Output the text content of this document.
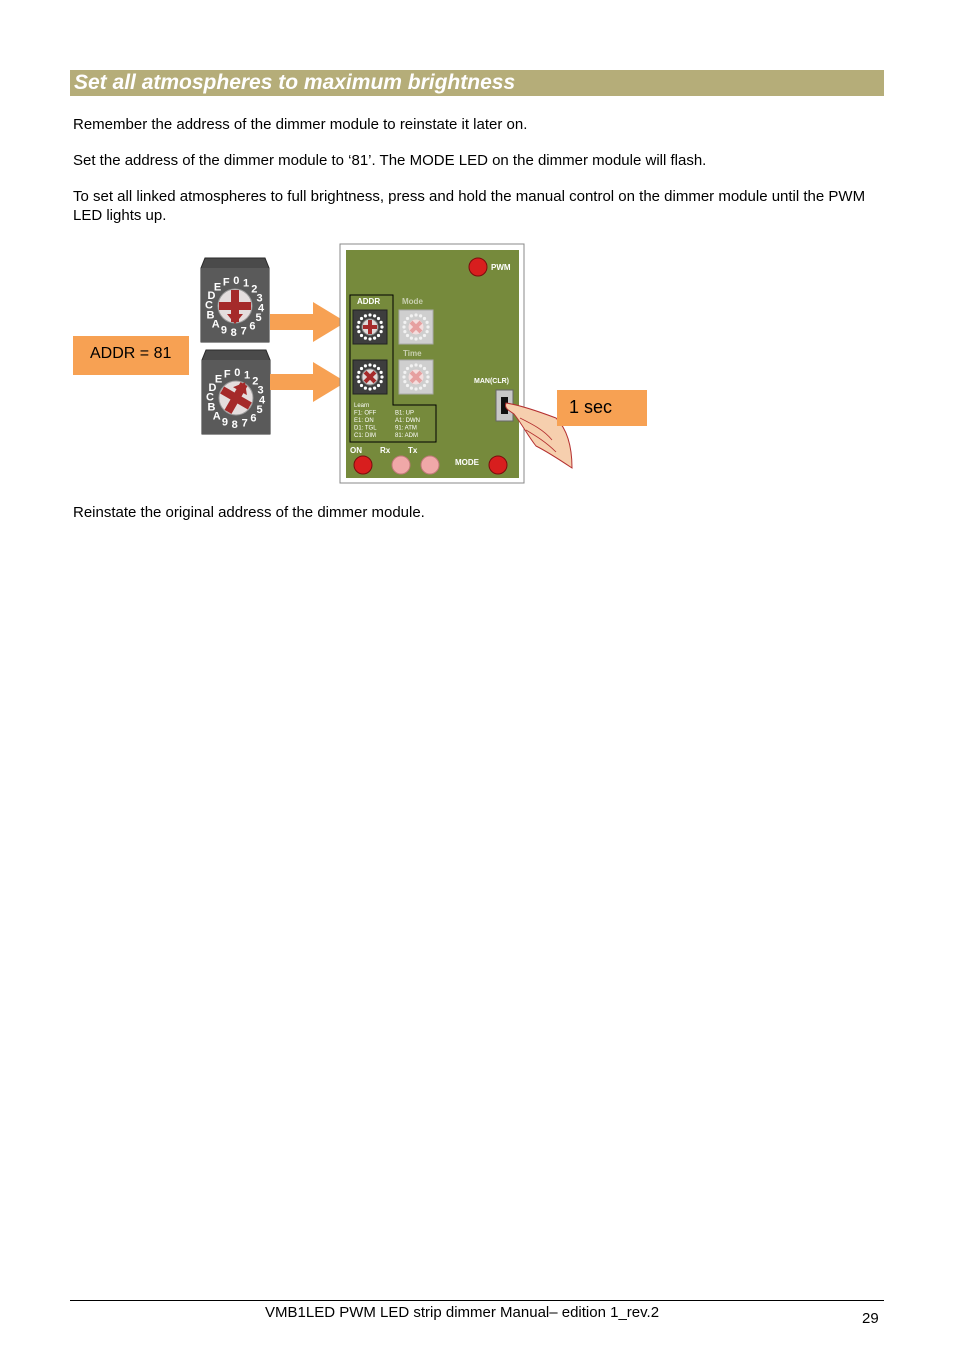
Set all atmospheres to maximum brightness
Remember the address of the dimmer module to reinstate it later on.
Set the address of the dimmer module to ‘81’. The MODE LED on the dimmer module will flash.
To set all linked atmospheres to full brightness, press and hold the manual control on the dimmer module until the PWM LED lights up.
0 1
2
3
4
5
6
7
8
9
A
B
C
D
E F
0 1
2
3
4
5
6
7
8
9
A
B
C
D
E F
PWM
ADDR	Mode
Time
Learn
F1: OFF
E1: ON
D1: TGL
C1: DIM
B1: UP
A1: DWN
91: ATM
81: ADM
MAN(CLR)
ON Rx Tx
MODE
ADDR = 81
1 sec
Reinstate the original address of the dimmer module.
VMB1LED PWM LED strip dimmer Manual– edition 1_rev.2	29
